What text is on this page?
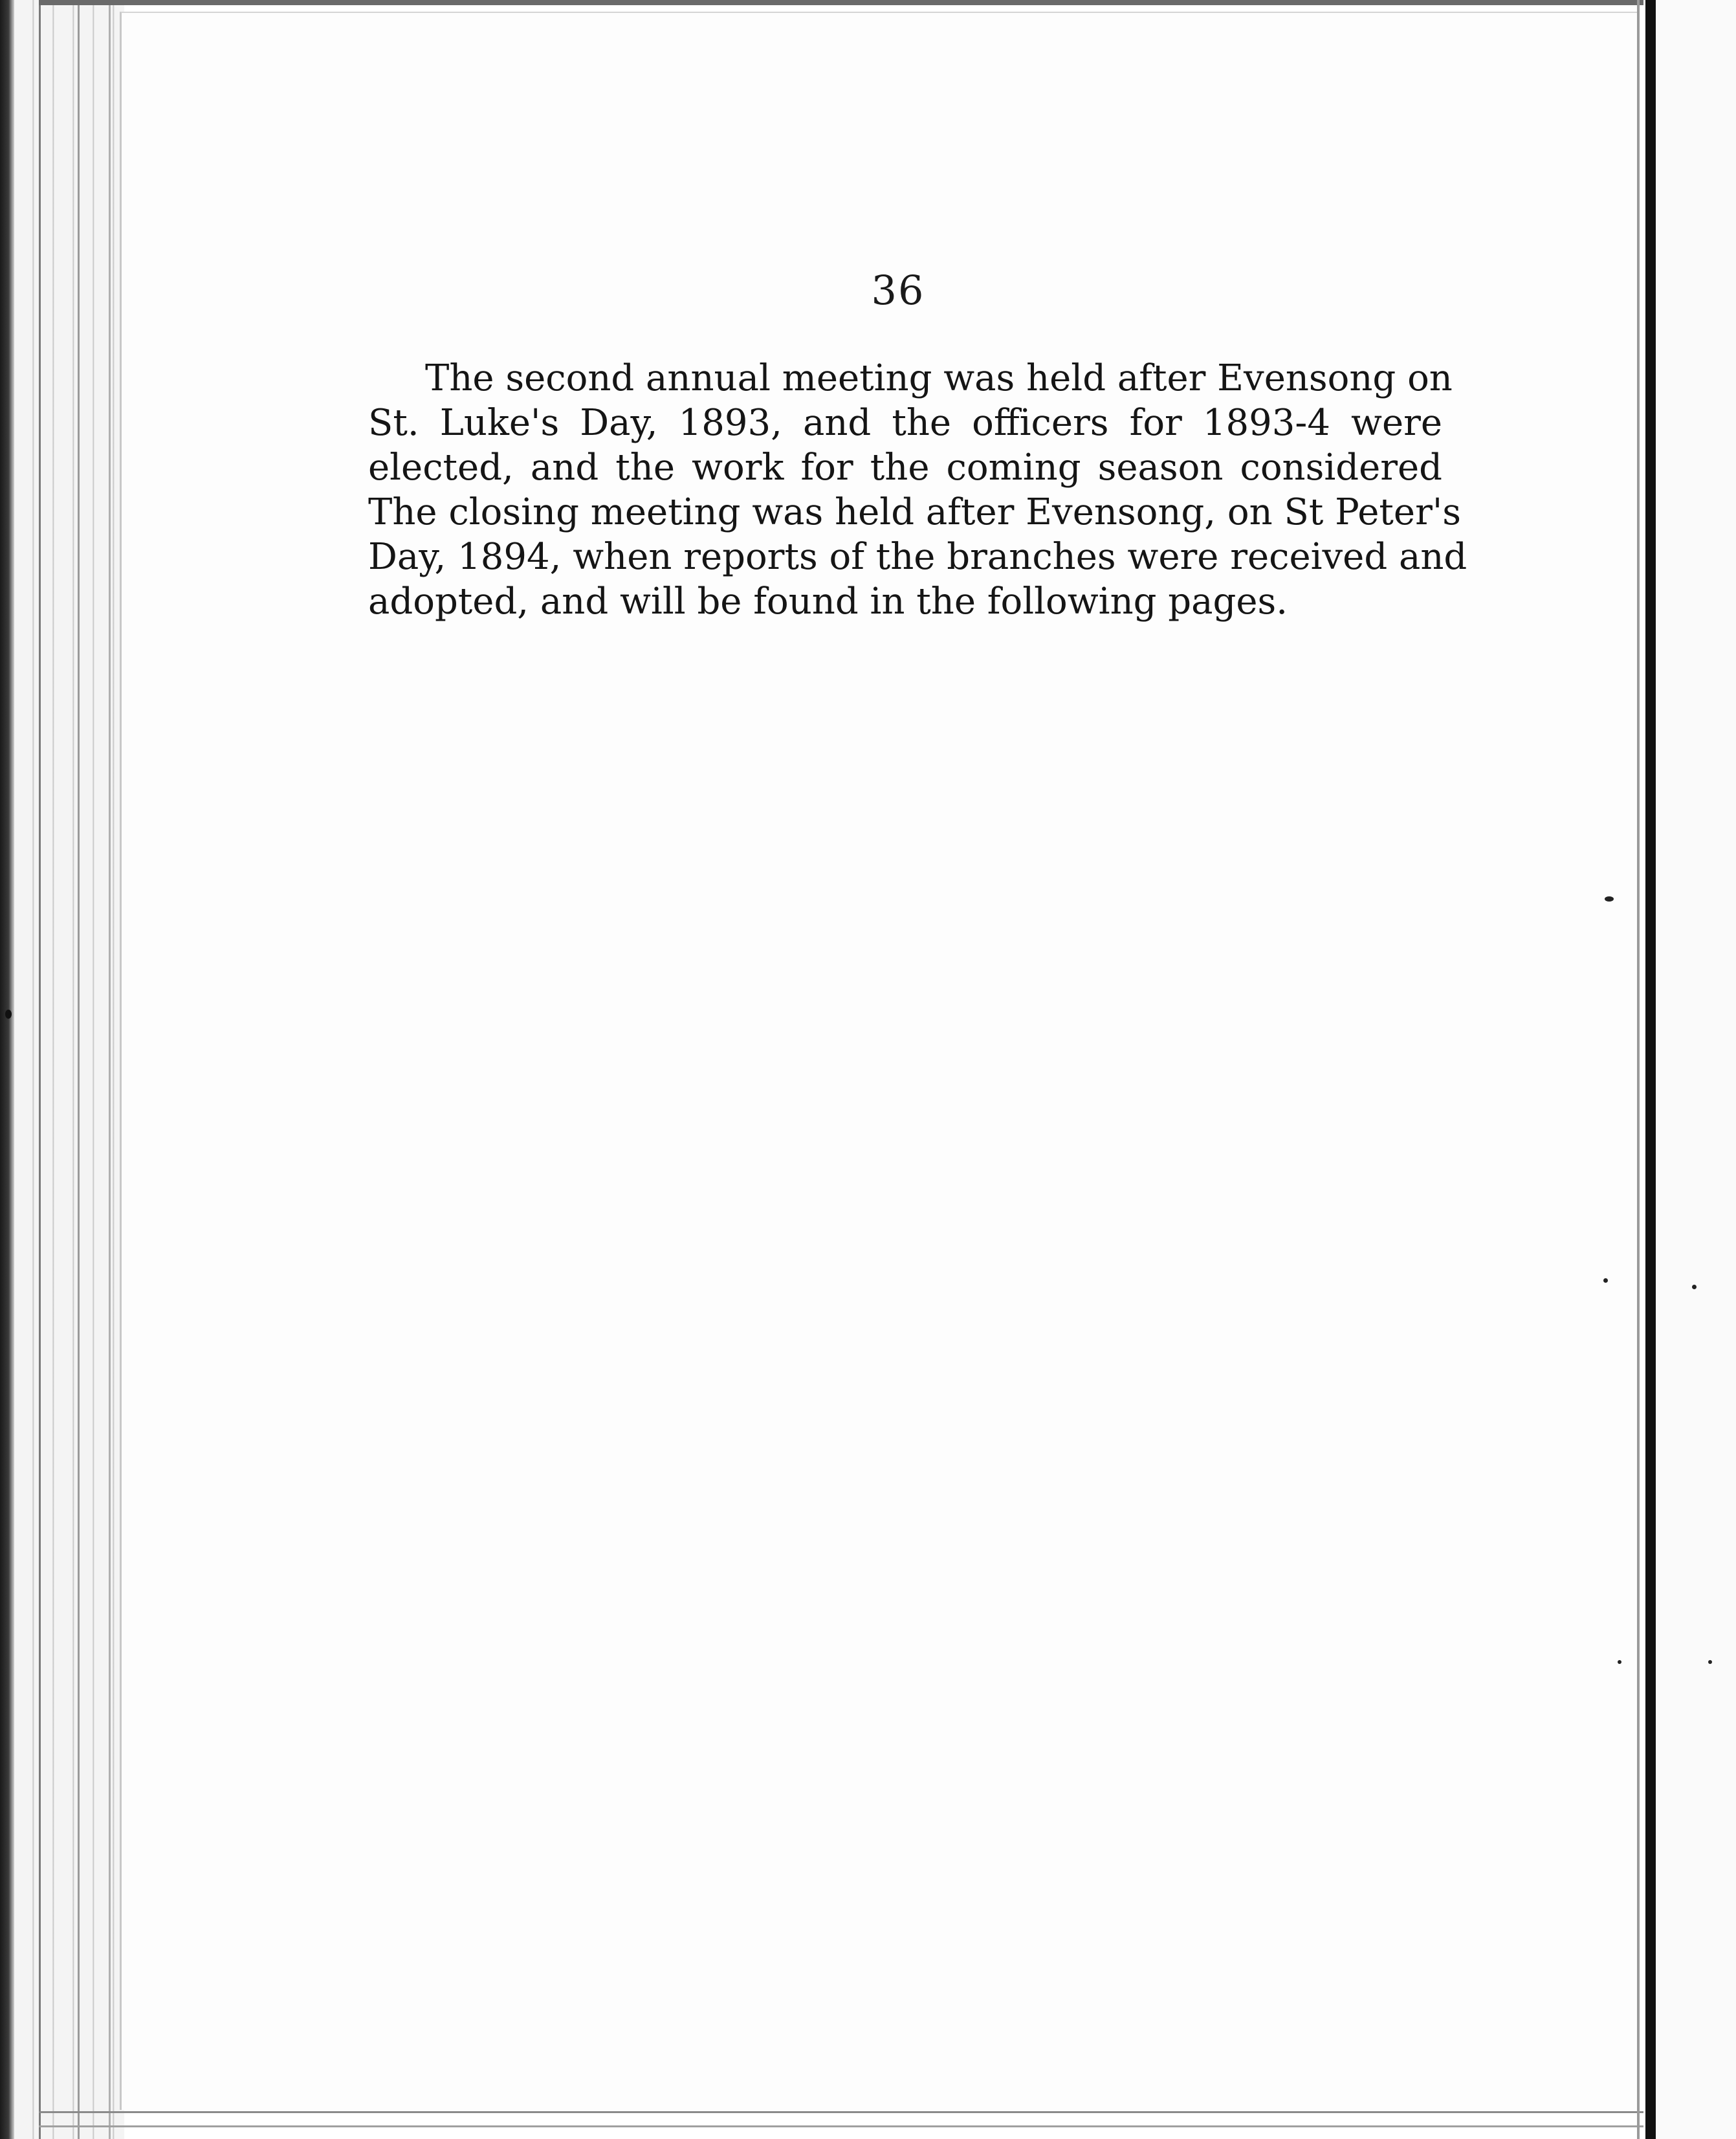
36
The second annual meeting was held after Evensong on
St. Luke's Day, 1893, and the officers for 1893-4 were
elected, and the work for the coming season considered
The closing meeting was held after Evensong, on St Peter's
Day, 1894, when reports of the branches were received and
adopted, and will be found in the following pages.
